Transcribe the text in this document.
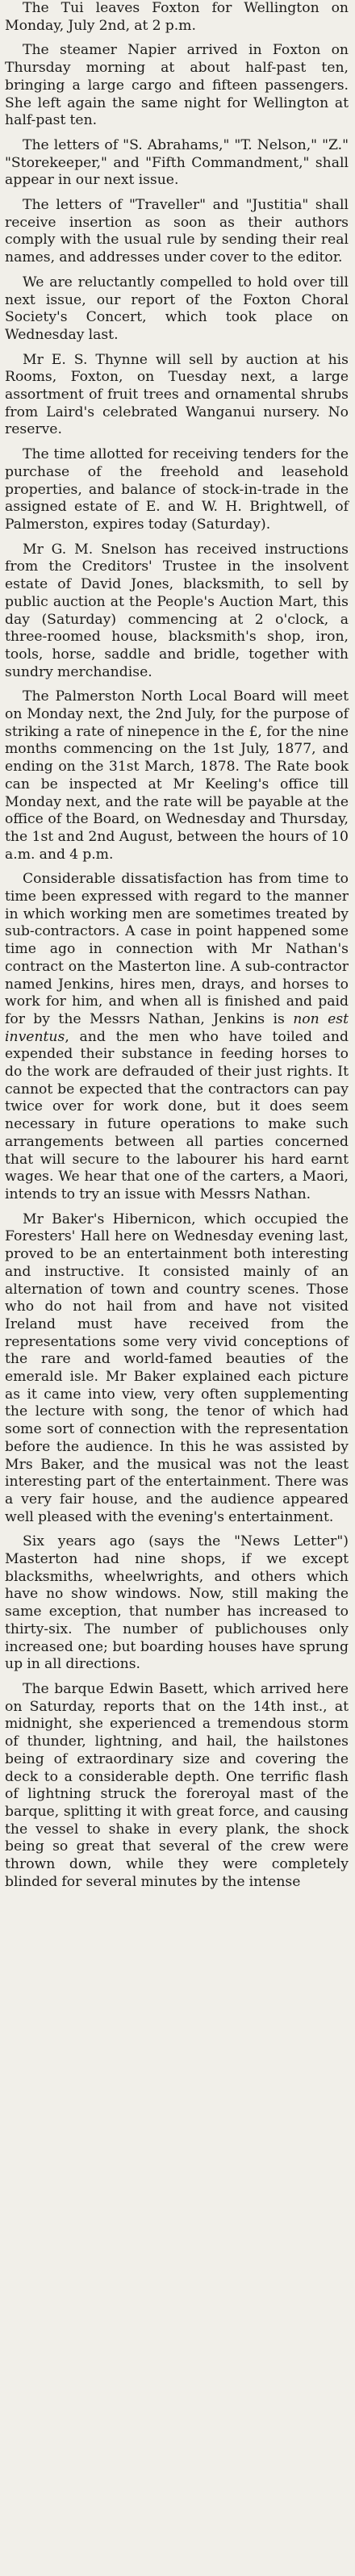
The Tui leaves Foxton for Wellington on Monday, July 2nd, at 2 p.m.

The steamer Napier arrived in Foxton on Thursday morning at about half-past ten, bringing a large cargo and fifteen passengers. She left again the same night for Wellington at half-past ten.

The letters of "S. Abrahams," "T. Nelson," "Z." "Storekeeper," and "Fifth Commandment," shall appear in our next issue.

The letters of "Traveller" and "Justitia" shall receive insertion as soon as their authors comply with the usual rule by sending their real names, and addresses under cover to the editor.

We are reluctantly compelled to hold over till next issue, our report of the Foxton Choral Society's Concert, which took place on Wednesday last.

Mr E. S. Thynne will sell by auction at his Rooms, Foxton, on Tuesday next, a large assortment of fruit trees and ornamental shrubs from Laird's celebrated Wanganui nursery. No reserve.

The time allotted for receiving tenders for the purchase of the freehold and leasehold properties, and balance of stock-in-trade in the assigned estate of E. and W. H. Brightwell, of Palmerston, expires today (Saturday).

Mr G. M. Snelson has received instructions from the Creditors' Trustee in the insolvent estate of David Jones, blacksmith, to sell by public auction at the People's Auction Mart, this day (Saturday) commencing at 2 o'clock, a three-roomed house, blacksmith's shop, iron, tools, horse, saddle and bridle, together with sundry merchandise.

The Palmerston North Local Board will meet on Monday next, the 2nd July, for the purpose of striking a rate of ninepence in the £, for the nine months commencing on the 1st July, 1877, and ending on the 31st March, 1878. The Rate book can be inspected at Mr Keeling's office till Monday next, and the rate will be payable at the office of the Board, on Wednesday and Thursday, the 1st and 2nd August, between the hours of 10 a.m. and 4 p.m.

Considerable dissatisfaction has from time to time been expressed with regard to the manner in which working men are sometimes treated by sub-contractors. A case in point happened some time ago in connection with Mr Nathan's contract on the Masterton line. A sub-contractor named Jenkins, hires men, drays, and horses to work for him, and when all is finished and paid for by the Messrs Nathan, Jenkins is non est inventus, and the men who have toiled and expended their substance in feeding horses to do the work are defrauded of their just rights. It cannot be expected that the contractors can pay twice over for work done, but it does seem necessary in future operations to make such arrangements between all parties concerned that will secure to the labourer his hard earnt wages. We hear that one of the carters, a Maori, intends to try an issue with Messrs Nathan.

Mr Baker's Hibernicon, which occupied the Foresters' Hall here on Wednesday evening last, proved to be an entertainment both interesting and instructive. It consisted mainly of an alternation of town and country scenes. Those who do not hail from and have not visited Ireland must have received from the representations some very vivid conceptions of the rare and world-famed beauties of the emerald isle. Mr Baker explained each picture as it came into view, very often supplementing the lecture with song, the tenor of which had some sort of connection with the representation before the audience. In this he was assisted by Mrs Baker, and the musical was not the least interesting part of the entertainment. There was a very fair house, and the audience appeared well pleased with the evening's entertainment.

Six years ago (says the "News Letter") Masterton had nine shops, if we except blacksmiths, wheelwrights, and others which have no show windows. Now, still making the same exception, that number has increased to thirty-six. The number of publichouses only increased one; but boarding houses have sprung up in all directions.

The barque Edwin Basett, which arrived here on Saturday, reports that on the 14th inst., at midnight, she experienced a tremendous storm of thunder, lightning, and hail, the hailstones being of extraordinary size and covering the deck to a considerable depth. One terrific flash of lightning struck the foreroyal mast of the barque, splitting it with great force, and causing the vessel to shake in every plank, the shock being so great that several of the crew were thrown down, while they were completely blinded for several minutes by the intense
